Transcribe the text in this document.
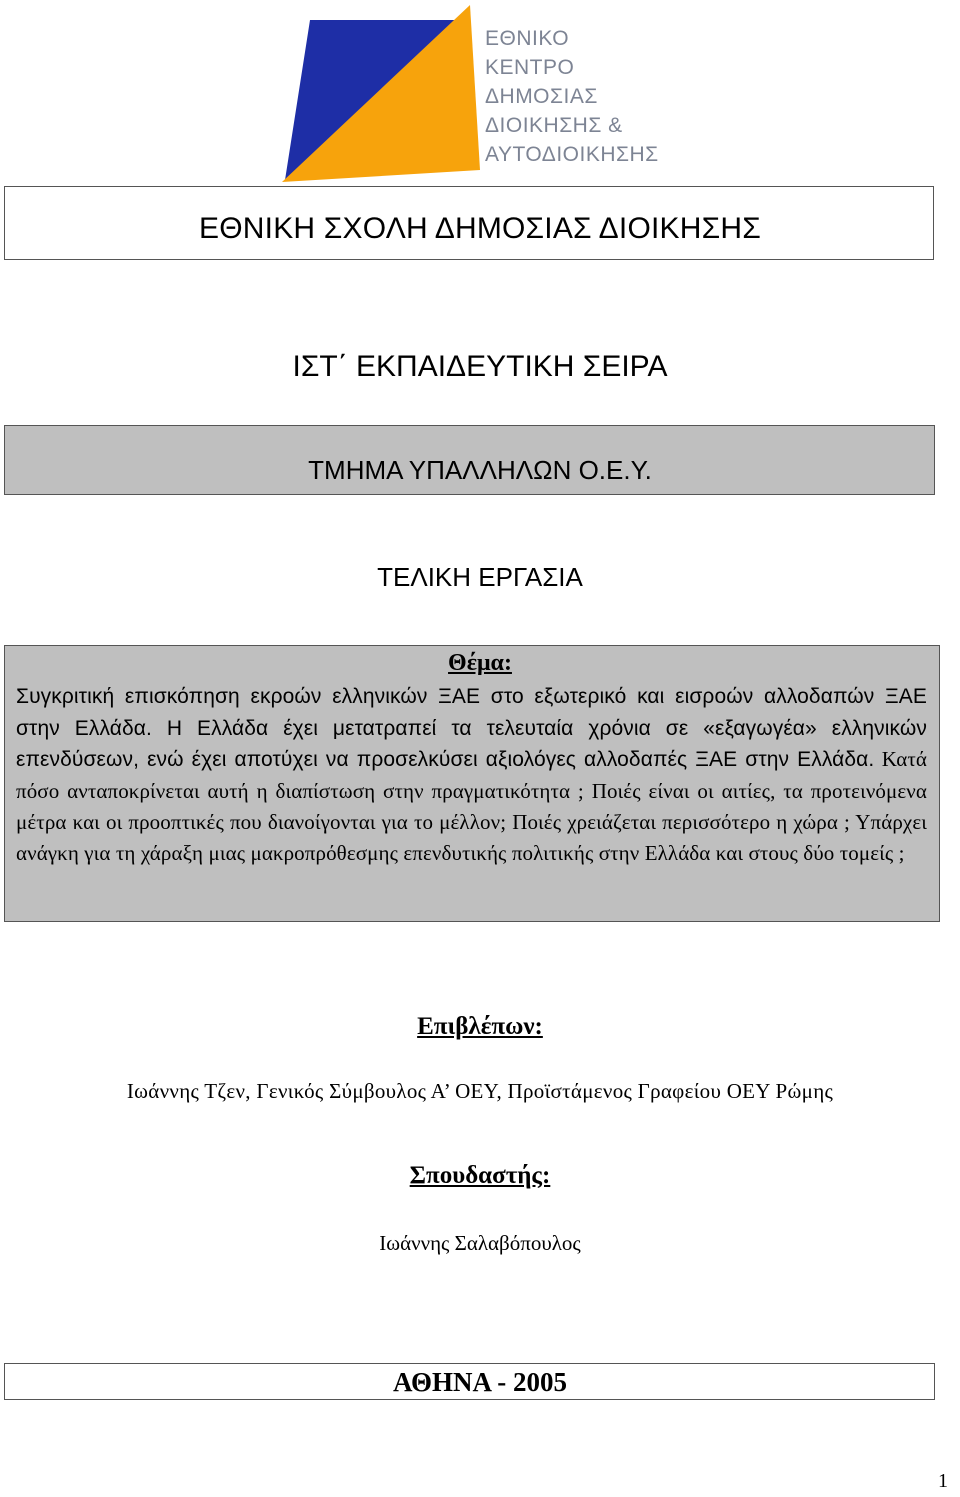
ΕΘΝΙΚΟ
ΚΕΝΤΡΟ
ΔΗΜΟΣΙΑΣ
ΔΙΟΙΚΗΣΗΣ &
ΑΥΤΟΔΙΟΙΚΗΣΗΣ
ΕΘΝΙΚΗ ΣΧΟΛΗ ΔΗΜΟΣΙΑΣ ΔΙΟΙΚΗΣΗΣ
ΙΣΤ΄ ΕΚΠΑΙΔΕΥΤΙΚΗ ΣΕΙΡΑ
ΤΜΗΜΑ ΥΠΑΛΛΗΛΩΝ Ο.Ε.Υ.
ΤΕΛΙΚΗ ΕΡΓΑΣΙΑ
Θέμα:
Συγκριτική επισκόπηση εκροών ελληνικών ΞΑΕ στο εξωτερικό και εισροών αλλοδαπών ΞΑΕ στην Ελλάδα. Η Ελλάδα έχει μετατραπεί τα τελευταία χρόνια σε «εξαγωγέα» ελληνικών επενδύσεων, ενώ έχει αποτύχει να προσελκύσει αξιολόγες αλλοδαπές ΞΑΕ στην Ελλάδα. Κατά πόσο ανταποκρίνεται αυτή η διαπίστωση στην πραγματικότητα ; Ποιές είναι οι αιτίες, τα προτεινόμενα μέτρα και οι προοπτικές που διανοίγονται για το μέλλον; Ποιές χρειάζεται περισσότερο η χώρα ; Υπάρχει ανάγκη για τη χάραξη μιας μακροπρόθεσμης επενδυτικής πολιτικής στην Ελλάδα και στους δύο τομείς ;
Επιβλέπων:
Ιωάννης Τζεν, Γενικός Σύμβουλος Α’ ΟΕΥ, Προϊστάμενος Γραφείου ΟΕΥ Ρώμης
Σπουδαστής:
Ιωάννης Σαλαβόπουλος
ΑΘΗΝΑ - 2005
1
